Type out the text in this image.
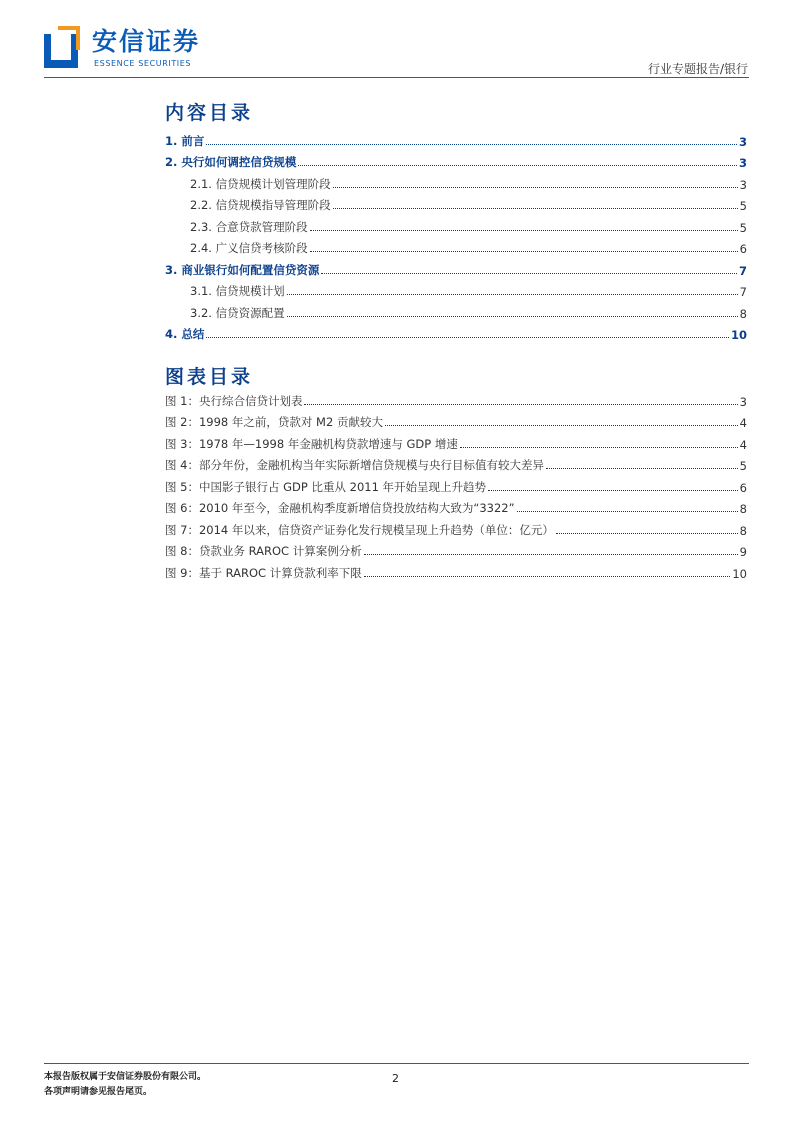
安信证券
ESSENCE SECURITIES	行业专题报告/银行
内容目录
1. 前言	3
2. 央行如何调控信贷规模	3
2.1. 信贷规模计划管理阶段	3
2.2. 信贷规模指导管理阶段	5
2.3. 合意贷款管理阶段	5
2.4. 广义信贷考核阶段	6
3. 商业银行如何配置信贷资源	7
3.1. 信贷规模计划	7
3.2. 信贷资源配置	8
4. 总结	10
图表目录
图 1：央行综合信贷计划表	3
图 2：1998 年之前，贷款对 M2 贡献较大	4
图 3：1978 年—1998 年金融机构贷款增速与 GDP 增速	4
图 4：部分年份，金融机构当年实际新增信贷规模与央行目标值有较大差异	5
图 5：中国影子银行占 GDP 比重从 2011 年开始呈现上升趋势	6
图 6：2010 年至今，金融机构季度新增信贷投放结构大致为“3322”	8
图 7：2014 年以来，信贷资产证券化发行规模呈现上升趋势（单位：亿元）	8
图 8：贷款业务 RAROC 计算案例分析	9
图 9：基于 RAROC 计算贷款利率下限	10
本报告版权属于安信证券股份有限公司。
各项声明请参见报告尾页。
2
